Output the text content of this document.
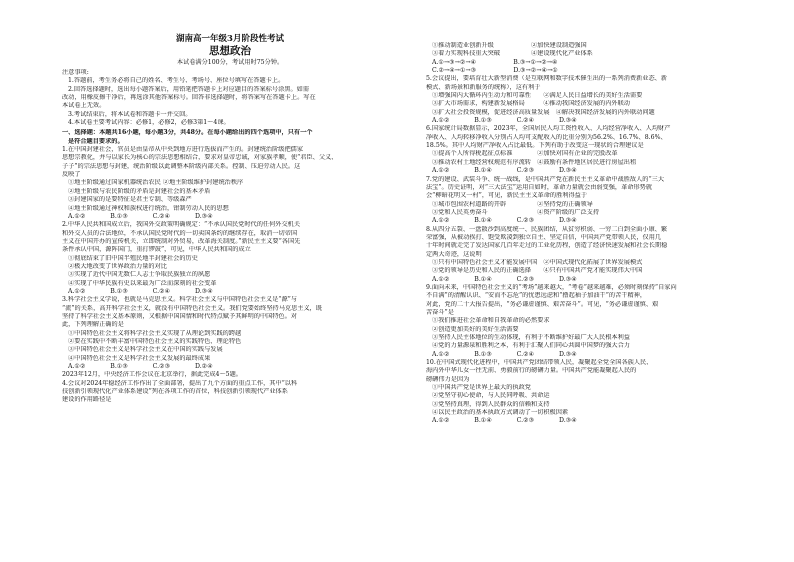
湖南高一年级3月阶段性考试
思想政治
本试卷满分100分，考试用时75分钟。
注意事项:
1.答题前，考生务必将自己的姓名、考生号、考场号、座位号填写在答题卡上。
2.回答选择题时，选出每小题答案后，用铅笔把答题卡上对应题目的答案标号涂黑。如需
改动，用橡皮擦干净后，再选涂其他答案标号。回答非选择题时，将答案写在答题卡上。写在
本试卷上无效。
3.考试结束后，将本试卷和答题卡一并交回。
4.本试卷主要考试内容：必修1，必修2，必修3第1～4课。
一、选择题：本题共16小题，每小题3分，共48分。在每小题给出的四个选项中，只有一个
是符合题目要求的。
1.在中国封建社会，官员是由皇帝从中央到地方进行选拔而产生的。封建统治阶级把儒家
思想宗教化，并与以家长为核心的宗法思想相结合，要求对皇帝忠诚，对家族孝顺，使“君臣、父义、
子子”的宗法思想与封建，统治阶级以此调整本阶级内部关系。控制、压迫劳动人民。这
反映了
①地主阶级通过国家机器统治农民 ②地主阶级维护封建统治秩序
②地主阶级与农民阶级的矛盾是封建社会的基本矛盾
③封建国家的是要特征是君主专制、等级森严
④地主阶级通过神权和族权进行统治，钳制劳动人民的思想
A.①②　　　　B.①③　　　　C.②④　　　　D.③④
2.中华人民共和国成立后，我国外交政策明确规定：“不承认国民党时代的任何外交机关
和外交人员的合法地位，不承认国民党时代的一切卖国条约的继续存在，取消一切帝国
主义在中国开办的宣传机关，立即统制对外贸易，改革海关制度。”新民主主义要“各国先
条件承认中国，源阵国门，重打锣鼓”，可见，中华人民共和国的成立
①彻底结束了旧中国半殖民地半封建社会的历史
②极大地改变了世界政治力量的对比
③实现了近代中国无数仁人志士争取民族独立的夙愿
④实现了中华民族有史以来最为广泛而深刻的社会变革
A.①②　　　　B.①③　　　　C.②④　　　　D.③④
3.科学社会主义学说，也就是马克思主义。科学社会主义与中国特色社会主义是“源”与
“流”的关系，高开科学社会主义，就没有中国特色社会主义。我们党要始终坚持马克思主义，既
坚持了科学社会主义基本原则，又根据中国国情和时代特点赋予其鲜明的中国特色。对
此，下列理解正确的是
①中国特色社会主义将科学社会主义实现了从理论到实践的跨越
②要在实践中不断丰富中国特色社会主义的实践特色、理论特色
③中国特色社会主义是科学社会主义在中国的实践与发展
④中国特色社会主义是科学社会主义发展的最终成果
A.①②　　　　B.①③　　　　C.②③　　　　D.②④
2023年12月，中央经济工作会议在北京举行，据此完成4～5题。
4.会议对2024年稳经济工作作出了全面部署，提出了九个方面的重点工作，其中“以科
技创新引领现代化产业体系建设”列在各项工作的首位，科技创新引领现代产业体系
建设的作用路径是
①推动制造业创新升级　　　　　　②加快建设制造强国
③着力实现科技重大突破　　　　　④建设现代化产业体系
A.①→③→②→④　　　　　　B.③→①→②→④
C.②→④→①→③　　　　　　D.③→②→④→①
5.会议提出，要培育壮大新型消费（是互联网和数字技术催生出的一系列消费新业态、新
模式、新场景和新服务的统称），这有利于
①增强国内大循环内生动力和可靠性　　②满足人民日益增长的美好生活需要
③扩大市场需求，构建新发展格局　　　④推动我国经济发展的内外联动
③扩大社会投资规模，促进经济高质量发展　④解决我国经济发展的内外联动问题
A.①②　　　　B.①③　　　　C.②④　　　　D.③④
6.国家统计局数据显示，2023年，全国居民人均工资性收入、人均经营净收入、人均财产
净收入、人均转移净收入分别占人均可支配收入的比重分别为56.2%、16.7%、8.6%、
18.5%。其中人均财产净收入占比最低。下列有助于改变这一现状的合理建议是
①提高个人所得税起征点标准　　　　②加快对国有企业的完股改革
③推动农村土地经营权规范有序流转　④鼓励有条件地区居民进行房屋出租
A.①②　　　　B.①④　　　　C.②③　　　　D.③④
7.党的建设、武装斗争、统一战线，是中国共产党在新民主主义革命中战胜敌人的“三大
法宝”。历史证明，对“三大法宝”运用自如时，革命力量就会由弱变强，革命形势就
会“柳暗花明又一村”，可见，新民主主义革命的胜利得益于
①城市包围农村道路的开辟　　　　　②坚持党的正确领导
③党和人民英勇奋斗　　　　　　　　④资产阶级的广泛支持
A.①②　　　　B.①④　　　　C.②③　　　　D.③④
8.从四分五裂、一盘散沙到高度统一、民族团结，从贫穷积弱、一穷二白到全面小康、繁
荣富强，从被动挨打、饱受欺凌到独立自主、坚定自信，中国共产党带领人民，仅用几
十年时间就走完了发达国家几百年走过的工业化历程，创造了经济快速发展和社会长期稳
定两大奇迹，这说明
①只有中国特色社会主义才能发展中国　②中国式现代化拓展了世界发展模式
③党的领导是历史和人民的正确选择　　④只有中国共产党才能实现伟大中国
A.①②　　　　B.①④　　　　C.②③　　　　D.③④
9.面向未来，中国特色社会主义的“考场”越来越大，“考卷”越来越难，必须时刻保持“自家向
不自满”的清醒认识、“安而不忘危”的忧患远虑和“撸起袖子加油干”的苦干精神，
对此，党的二十大报告提出，“务必谦虚谨慎、艰苦奋斗”。可见，“务必谦虚谨慎、艰
苦奋斗”是
①我们推进社会革命和自我革命的必然要求
②创造更加美好的美好生活需要
③坚持人民主体地位的生动体现，有利于不断维护好最广大人民根本利益
④党的力量源泉和胜利之本，有利于汇聚人们同心共圆中国梦的强大合力
A.①②　　　　B.①③　　　　C.②④　　　　D.③④
10.在中国式现代化进程中，中国共产党团结带领人民，凝聚起全党全国各族人民、
海内外中华儿女一往无前、勇毅前行的磅礴力量。中国共产党能凝聚起人民的
磅礴伟力是因为
①中国共产党是世界上最大的执政党
②党坚守初心使命，与人民同呼吸、共命运
③党坚持真理，得到人民群众的信赖和支持
④以民主政治的基本执政方式调动了一切积极因素
A.①②　　　　B.①④　　　　C.②③　　　　D.③④
